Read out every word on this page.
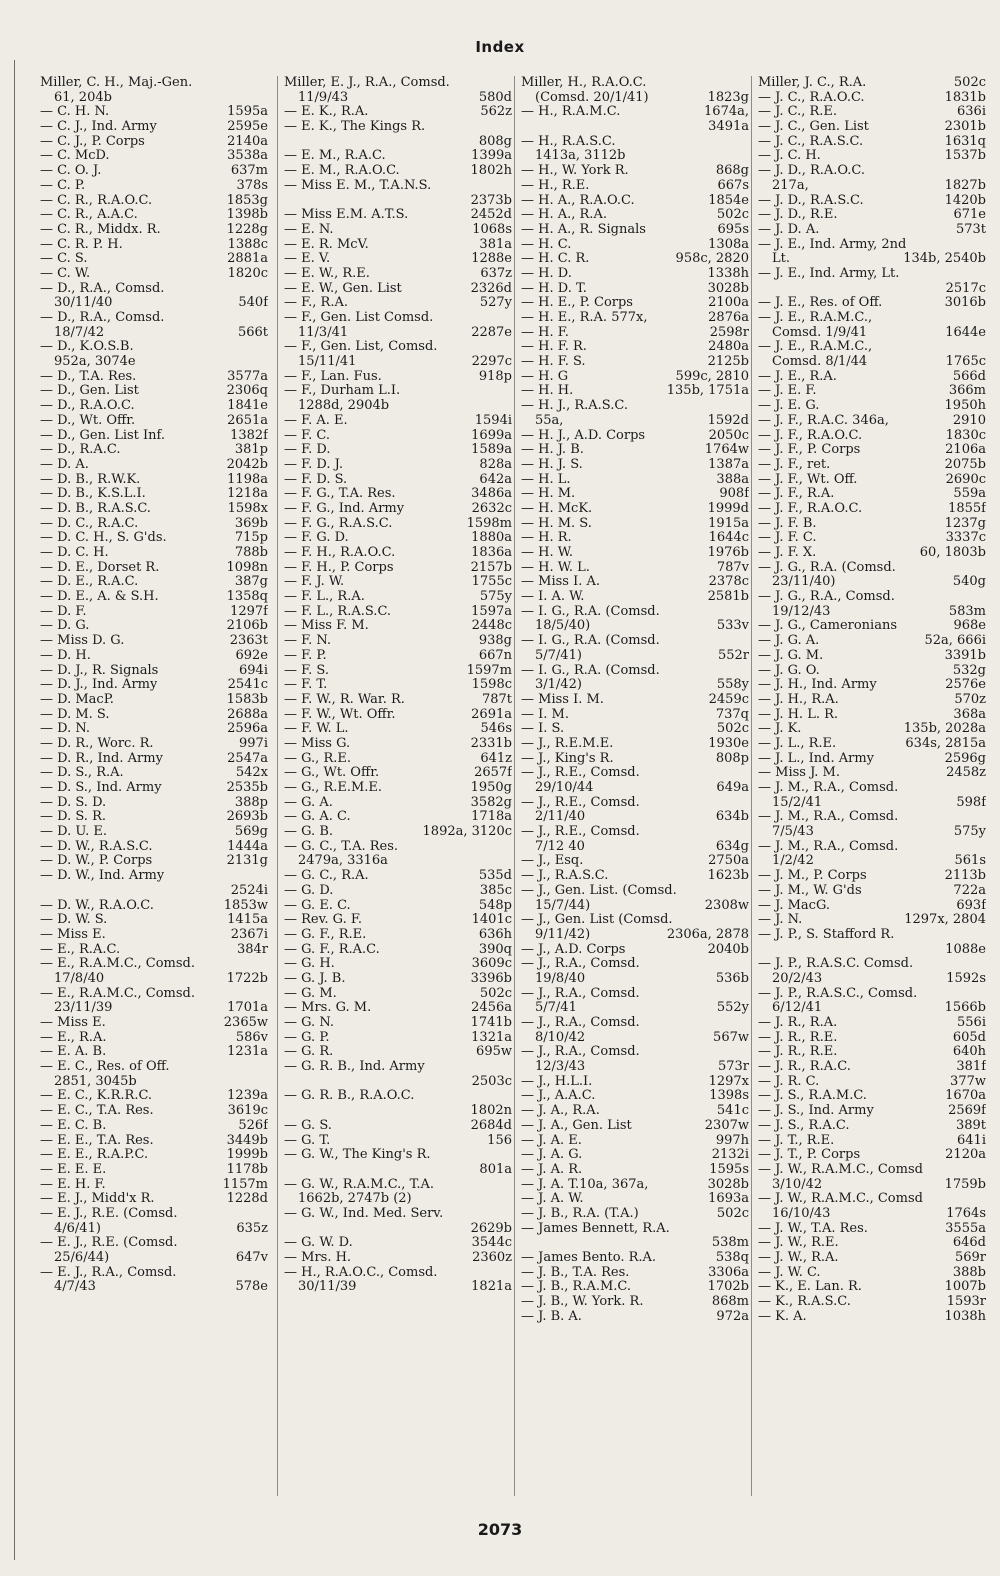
Index
Miller, C. H., Maj.-Gen.
61, 204b
— C. H. N.	1595a
— C. J., Ind. Army	2595e
— C. J., P. Corps	2140a
— C. McD.	3538a
— C. O. J.	637m
— C. P.	378s
— C. R., R.A.O.C.	1853g
— C. R., A.A.C.	1398b
— C. R., Middx. R.	1228g
— C. R. P. H.	1388c
— C. S.	2881a
— C. W.	1820c
— D., R.A., Comsd.
30/11/40	540f
— D., R.A., Comsd.
18/7/42	566t
— D., K.O.S.B.
952a, 3074e
— D., T.A. Res.	3577a
— D., Gen. List	2306q
— D., R.A.O.C.	1841e
— D., Wt. Offr.	2651a
— D., Gen. List Inf.	1382f
— D., R.A.C.	381p
— D. A.	2042b
— D. B., R.W.K.	1198a
— D. B., K.S.L.I.	1218a
— D. B., R.A.S.C.	1598x
— D. C., R.A.C.	369b
— D. C. H., S. G'ds.	715p
— D. C. H.	788b
— D. E., Dorset R.	1098n
— D. E., R.A.C.	387g
— D. E., A. & S.H.	1358q
— D. F.	1297f
— D. G.	2106b
— Miss D. G.	2363t
— D. H.	692e
— D. J., R. Signals	694i
— D. J., Ind. Army	2541c
— D. MacP.	1583b
— D. M. S.	2688a
— D. N.	2596a
— D. R., Worc. R.	997i
— D. R., Ind. Army	2547a
— D. S., R.A.	542x
— D. S., Ind. Army	2535b
— D. S. D.	388p
— D. S. R.	2693b
— D. U. E.	569g
— D. W., R.A.S.C.	1444a
— D. W., P. Corps	2131g
— D. W., Ind. Army
2524i
— D. W., R.A.O.C.	1853w
— D. W. S.	1415a
— Miss E.	2367i
— E., R.A.C.	384r
— E., R.A.M.C., Comsd.
17/8/40	1722b
— E., R.A.M.C., Comsd.
23/11/39	1701a
— Miss E.	2365w
— E., R.A.	586v
— E. A. B.	1231a
— E. C., Res. of Off.
2851, 3045b
— E. C., K.R.R.C.	1239a
— E. C., T.A. Res.	3619c
— E. C. B.	526f
— E. E., T.A. Res.	3449b
— E. E., R.A.P.C.	1999b
— E. E. E.	1178b
— E. H. F.	1157m
— E. J., Midd'x R.	1228d
— E. J., R.E. (Comsd.
4/6/41)	635z
— E. J., R.E. (Comsd.
25/6/44)	647v
— E. J., R.A., Comsd.
4/7/43	578e
Miller, E. J., R.A., Comsd.
11/9/43	580d
— E. K., R.A.	562z
— E. K., The Kings R.
808g
— E. M., R.A.C.	1399a
— E. M., R.A.O.C.	1802h
— Miss E. M., T.A.N.S.
2373b
— Miss E.M. A.T.S.	2452d
— E. N.	1068s
— E. R. McV.	381a
— E. V.	1288e
— E. W., R.E.	637z
— E. W., Gen. List	2326d
— F., R.A.	527y
— F., Gen. List Comsd.
11/3/41	2287e
— F., Gen. List, Comsd.
15/11/41	2297c
— F., Lan. Fus.	918p
— F., Durham L.I.
1288d, 2904b
— F. A. E.	1594i
— F. C.	1699a
— F. D.	1589a
— F. D. J.	828a
— F. D. S.	642a
— F. G., T.A. Res.	3486a
— F. G., Ind. Army	2632c
— F. G., R.A.S.C.	1598m
— F. G. D.	1880a
— F. H., R.A.O.C.	1836a
— F. H., P. Corps	2157b
— F. J. W.	1755c
— F. L., R.A.	575y
— F. L., R.A.S.C.	1597a
— Miss F. M.	2448c
— F. N.	938g
— F. P.	667n
— F. S.	1597m
— F. T.	1598c
— F. W., R. War. R.	787t
— F. W., Wt. Offr.	2691a
— F. W. L.	546s
— Miss G.	2331b
— G., R.E.	641z
— G., Wt. Offr.	2657f
— G., R.E.M.E.	1950g
— G. A.	3582g
— G. A. C.	1718a
— G. B.	1892a, 3120c
— G. C., T.A. Res.
2479a, 3316a
— G. C., R.A.	535d
— G. D.	385c
— G. E. C.	548p
— Rev. G. F.	1401c
— G. F., R.E.	636h
— G. F., R.A.C.	390q
— G. H.	3609c
— G. J. B.	3396b
— G. M.	502c
— Mrs. G. M.	2456a
— G. N.	1741b
— G. P.	1321a
— G. R.	695w
— G. R. B., Ind. Army
2503c
— G. R. B., R.A.O.C.
1802n
— G. S.	2684d
— G. T.	156
— G. W., The King's R.
801a
— G. W., R.A.M.C., T.A.
1662b, 2747b (2)
— G. W., Ind. Med. Serv.
2629b
— G. W. D.	3544c
— Mrs. H.	2360z
— H., R.A.O.C., Comsd.
30/11/39	1821a
Miller, H., R.A.O.C.
(Comsd. 20/1/41)	1823g
— H., R.A.M.C.	1674a,
3491a
— H., R.A.S.C.
1413a, 3112b
— H., W. York R.	868g
— H., R.E.	667s
— H. A., R.A.O.C.	1854e
— H. A., R.A.	502c
— H. A., R. Signals	695s
— H. C.	1308a
— H. C. R.	958c, 2820
— H. D.	1338h
— H. D. T.	3028b
— H. E., P. Corps	2100a
— H. E., R.A. 577x,	2876a
— H. F.	2598r
— H. F. R.	2480a
— H. F. S.	2125b
— H. G	599c, 2810
— H. H.	135b, 1751a
— H. J., R.A.S.C.
55a,	1592d
— H. J., A.D. Corps	2050c
— H. J. B.	1764w
— H. J. S.	1387a
— H. L.	388a
— H. M.	908f
— H. McK.	1999d
— H. M. S.	1915a
— H. R.	1644c
— H. W.	1976b
— H. W. L.	787v
— Miss I. A.	2378c
— I. A. W.	2581b
— I. G., R.A. (Comsd.
18/5/40)	533v
— I. G., R.A. (Comsd.
5/7/41)	552r
— I. G., R.A. (Comsd.
3/1/42)	558y
— Miss I. M.	2459c
— I. M.	737q
— I. S.	502c
— J., R.E.M.E.	1930e
— J., King's R.	808p
— J., R.E., Comsd.
29/10/44	649a
— J., R.E., Comsd.
2/11/40	634b
— J., R.E., Comsd.
7/12 40	634g
— J., Esq.	2750a
— J., R.A.S.C.	1623b
— J., Gen. List. (Comsd.
15/7/44)	2308w
— J., Gen. List (Comsd.
9/11/42)	2306a, 2878
— J., A.D. Corps	2040b
— J., R.A., Comsd.
19/8/40	536b
— J., R.A., Comsd.
5/7/41	552y
— J., R.A., Comsd.
8/10/42	567w
— J., R.A., Comsd.
12/3/43	573r
— J., H.L.I.	1297x
— J., A.A.C.	1398s
— J. A., R.A.	541c
— J. A., Gen. List	2307w
— J. A. E.	997h
— J. A. G.	2132i
— J. A. R.	1595s
— J. A. T.10a, 367a,	3028b
— J. A. W.	1693a
— J. B., R.A. (T.A.)	502c
— James Bennett, R.A.
538m
— James Bento. R.A.	538q
— J. B., T.A. Res.	3306a
— J. B., R.A.M.C.	1702b
— J. B., W. York. R.	868m
— J. B. A.	972a
Miller, J. C., R.A.	502c
— J. C., R.A.O.C.	1831b
— J. C., R.E.	636i
— J. C., Gen. List	2301b
— J. C., R.A.S.C.	1631q
— J. C. H.	1537b
— J. D., R.A.O.C.
217a,	1827b
— J. D., R.A.S.C.	1420b
— J. D., R.E.	671e
— J. D. A.	573t
— J. E., Ind. Army, 2nd
Lt.	134b, 2540b
— J. E., Ind. Army, Lt.
2517c
— J. E., Res. of Off.	3016b
— J. E., R.A.M.C.,
Comsd. 1/9/41	1644e
— J. E., R.A.M.C.,
Comsd. 8/1/44	1765c
— J. E., R.A.	566d
— J. E. F.	366m
— J. E. G.	1950h
— J. F., R.A.C. 346a,	2910
— J. F., R.A.O.C.	1830c
— J. F., P. Corps	2106a
— J. F., ret.	2075b
— J. F., Wt. Off.	2690c
— J. F., R.A.	559a
— J. F., R.A.O.C.	1855f
— J. F. B.	1237g
— J. F. C.	3337c
— J. F. X.	60, 1803b
— J. G., R.A. (Comsd.
23/11/40)	540g
— J. G., R.A., Comsd.
19/12/43	583m
— J. G., Cameronians	968e
— J. G. A.	52a, 666i
— J. G. M.	3391b
— J. G. O.	532g
— J. H., Ind. Army	2576e
— J. H., R.A.	570z
— J. H. L. R.	368a
— J. K.	135b, 2028a
— J. L., R.E.	634s, 2815a
— J. L., Ind. Army	2596g
— Miss J. M.	2458z
— J. M., R.A., Comsd.
15/2/41	598f
— J. M., R.A., Comsd.
7/5/43	575y
— J. M., R.A., Comsd.
1/2/42	561s
— J. M., P. Corps	2113b
— J. M., W. G'ds	722a
— J. MacG.	693f
— J. N.	1297x, 2804
— J. P., S. Stafford R.
1088e
— J. P., R.A.S.C. Comsd.
20/2/43	1592s
— J. P., R.A.S.C., Comsd.
6/12/41	1566b
— J. R., R.A.	556i
— J. R., R.E.	605d
— J. R., R.E.	640h
— J. R., R.A.C.	381f
— J. R. C.	377w
— J. S., R.A.M.C.	1670a
— J. S., Ind. Army	2569f
— J. S., R.A.C.	389t
— J. T., R.E.	641i
— J. T., P. Corps	2120a
— J. W., R.A.M.C., Comsd
3/10/42	1759b
— J. W., R.A.M.C., Comsd
16/10/43	1764s
— J. W., T.A. Res.	3555a
— J. W., R.E.	646d
— J. W., R.A.	569r
— J. W. C.	388b
— K., E. Lan. R.	1007b
— K., R.A.S.C.	1593r
— K. A.	1038h
2073
